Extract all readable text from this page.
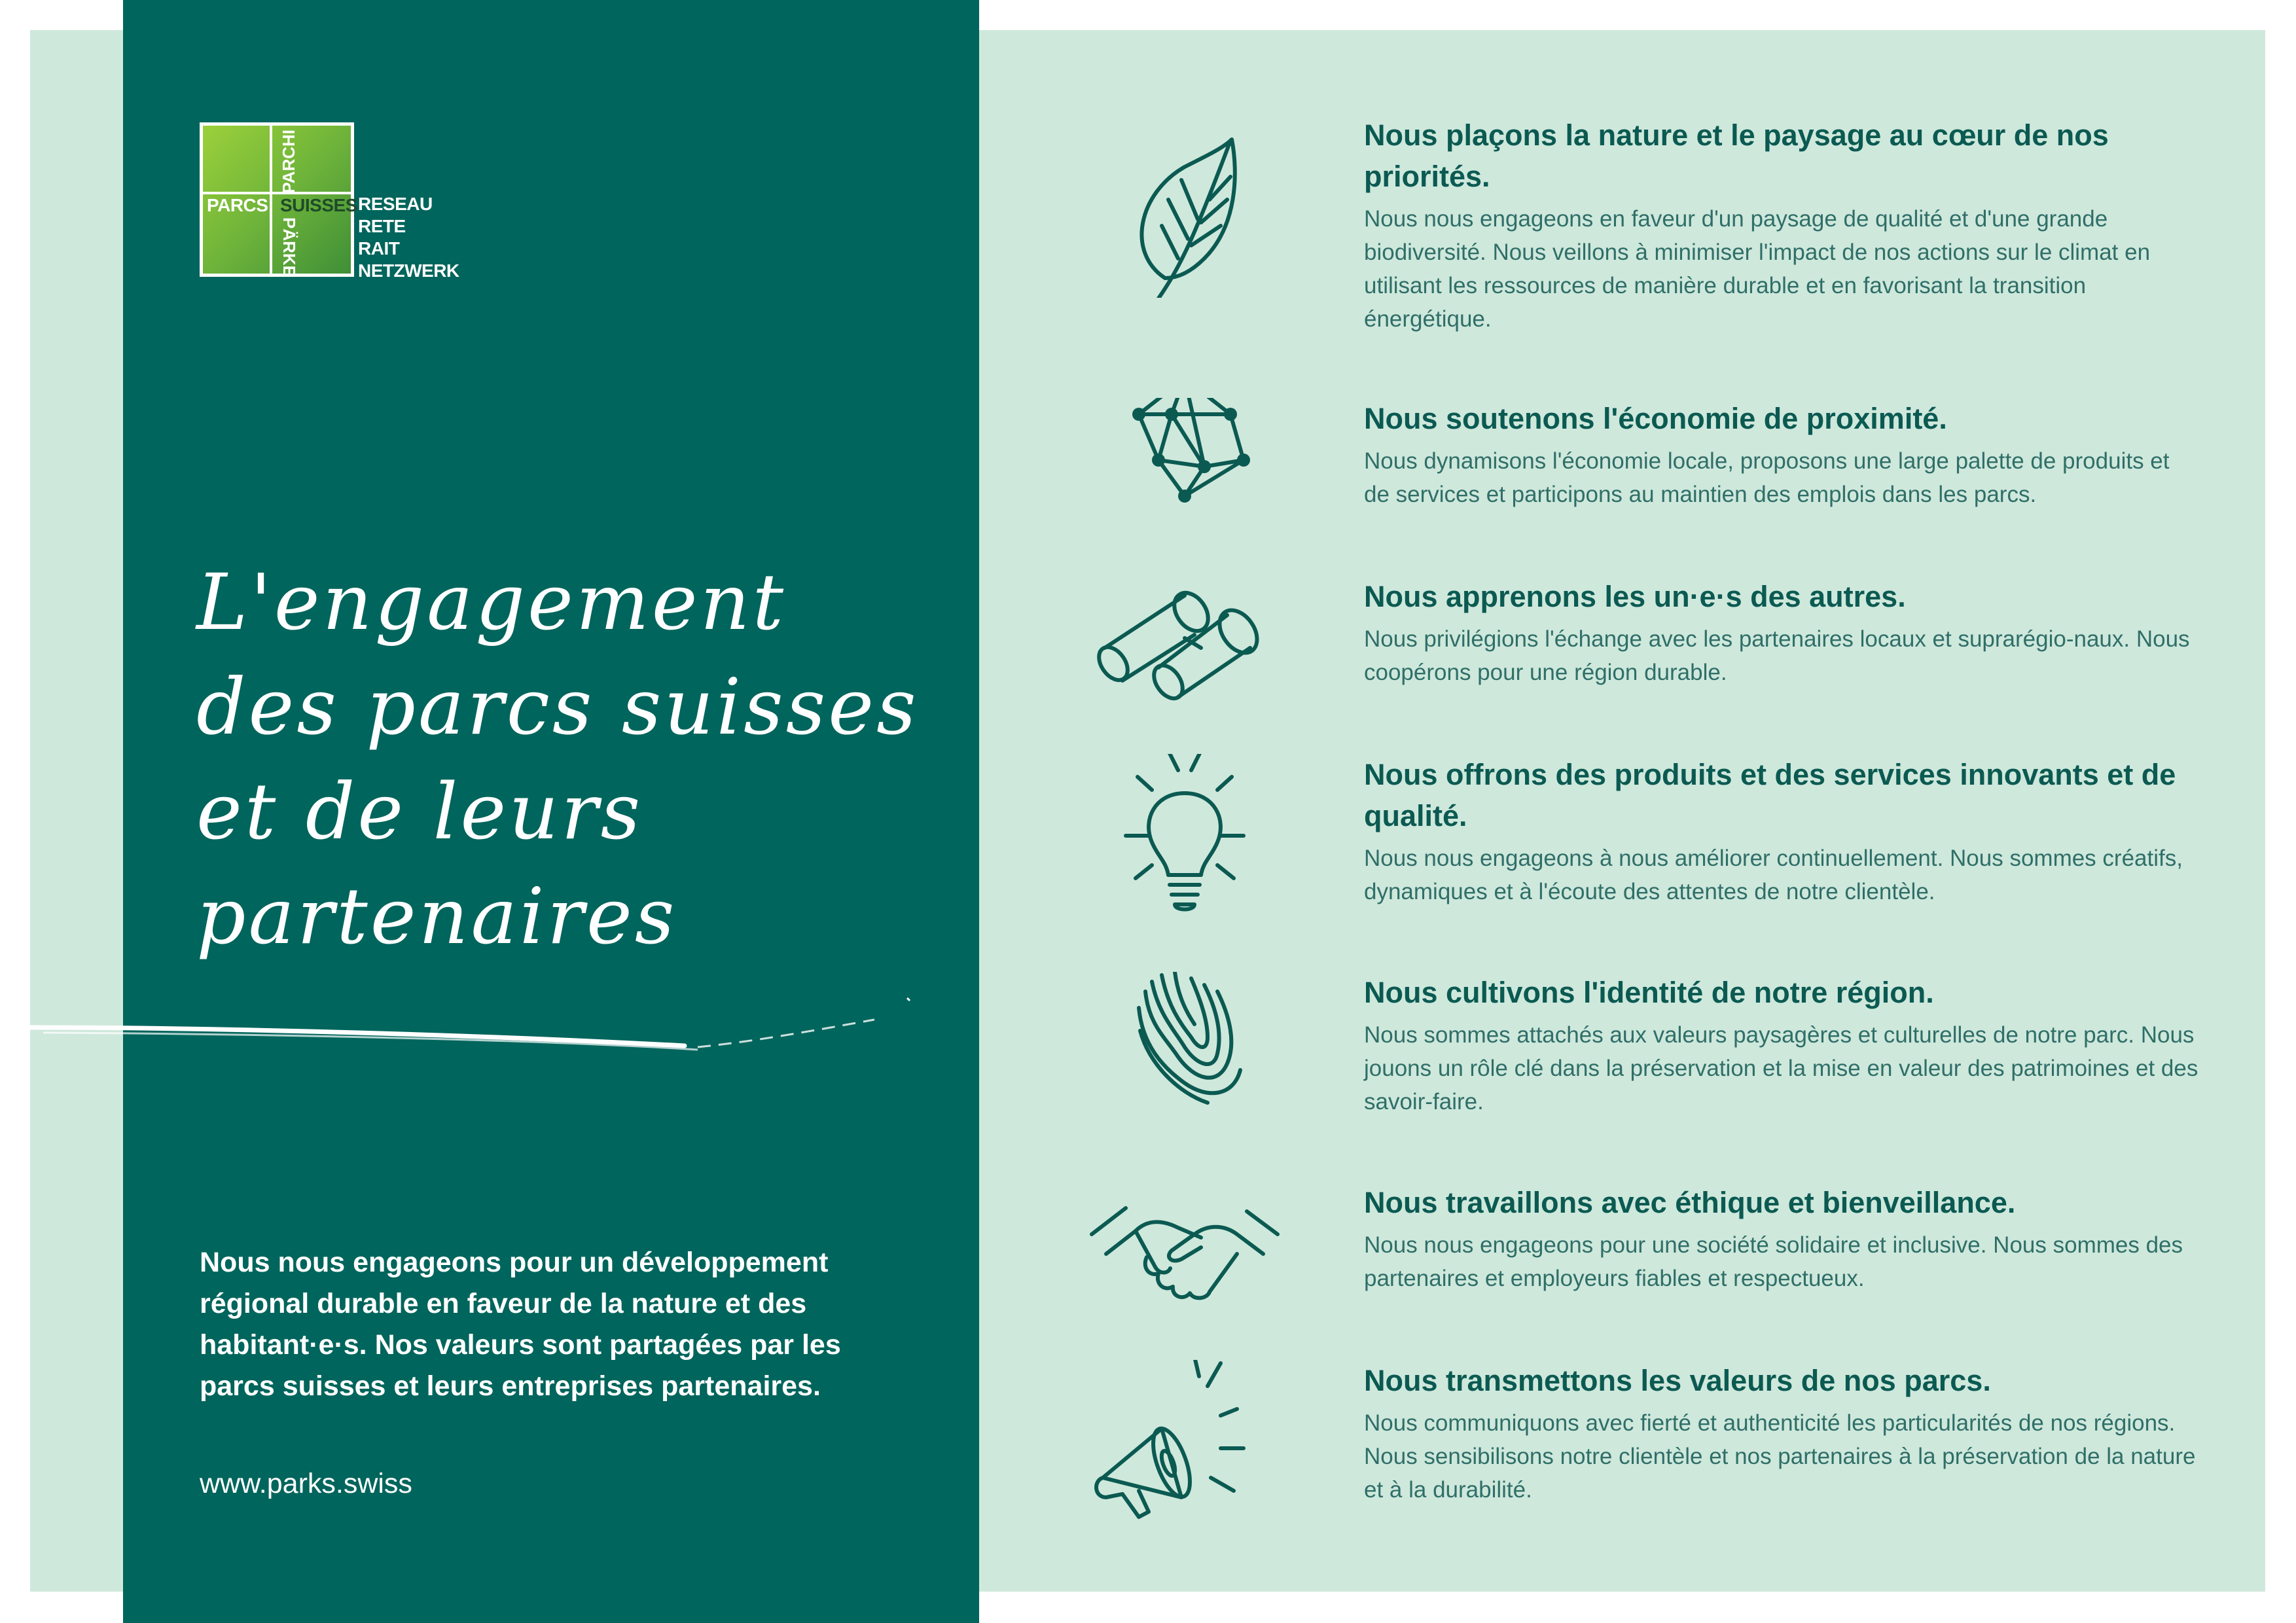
PARCS SUISSES
PARCHI
PÄRKE
RESEAU
RETE
RAIT
NETZWERK
L'engagement
des parcs suisses
et de leurs
partenaires

Nous nous engageons pour un développement régional durable en faveur de la nature et des habitant·e·s. Nos valeurs sont partagées par les parcs suisses et leurs entreprises partenaires.

www.parks.swiss
Nous plaçons la nature et le paysage au cœur de nos priorités.

Nous nous engageons en faveur d'un paysage de qualité et d'une grande biodiversité. Nous veillons à minimiser l'impact de nos actions sur le climat en utilisant les ressources de manière durable et en favorisant la transition énergétique.

Nous soutenons l'économie de proximité.

Nous dynamisons l'économie locale, proposons une large palette de produits et de services et participons au maintien des emplois dans les parcs.

Nous apprenons les un·e·s des autres.

Nous privilégions l'échange avec les partenaires locaux et suprarégio-naux. Nous coopérons pour une région durable.

Nous offrons des produits et des services innovants et de qualité.

Nous nous engageons à nous améliorer continuellement. Nous sommes créatifs, dynamiques et à l'écoute des attentes de notre clientèle.

Nous cultivons l'identité de notre région.

Nous sommes attachés aux valeurs paysagères et culturelles de notre parc. Nous jouons un rôle clé dans la préservation et la mise en valeur des patrimoines et des savoir-faire.

Nous travaillons avec éthique et bienveillance.

Nous nous engageons pour une société solidaire et inclusive. Nous sommes des partenaires et employeurs fiables et respectueux.

Nous transmettons les valeurs de nos parcs.

Nous communiquons avec fierté et authenticité les particularités de nos régions. Nous sensibilisons notre clientèle et nos partenaires à la préservation de la nature et à la durabilité.
